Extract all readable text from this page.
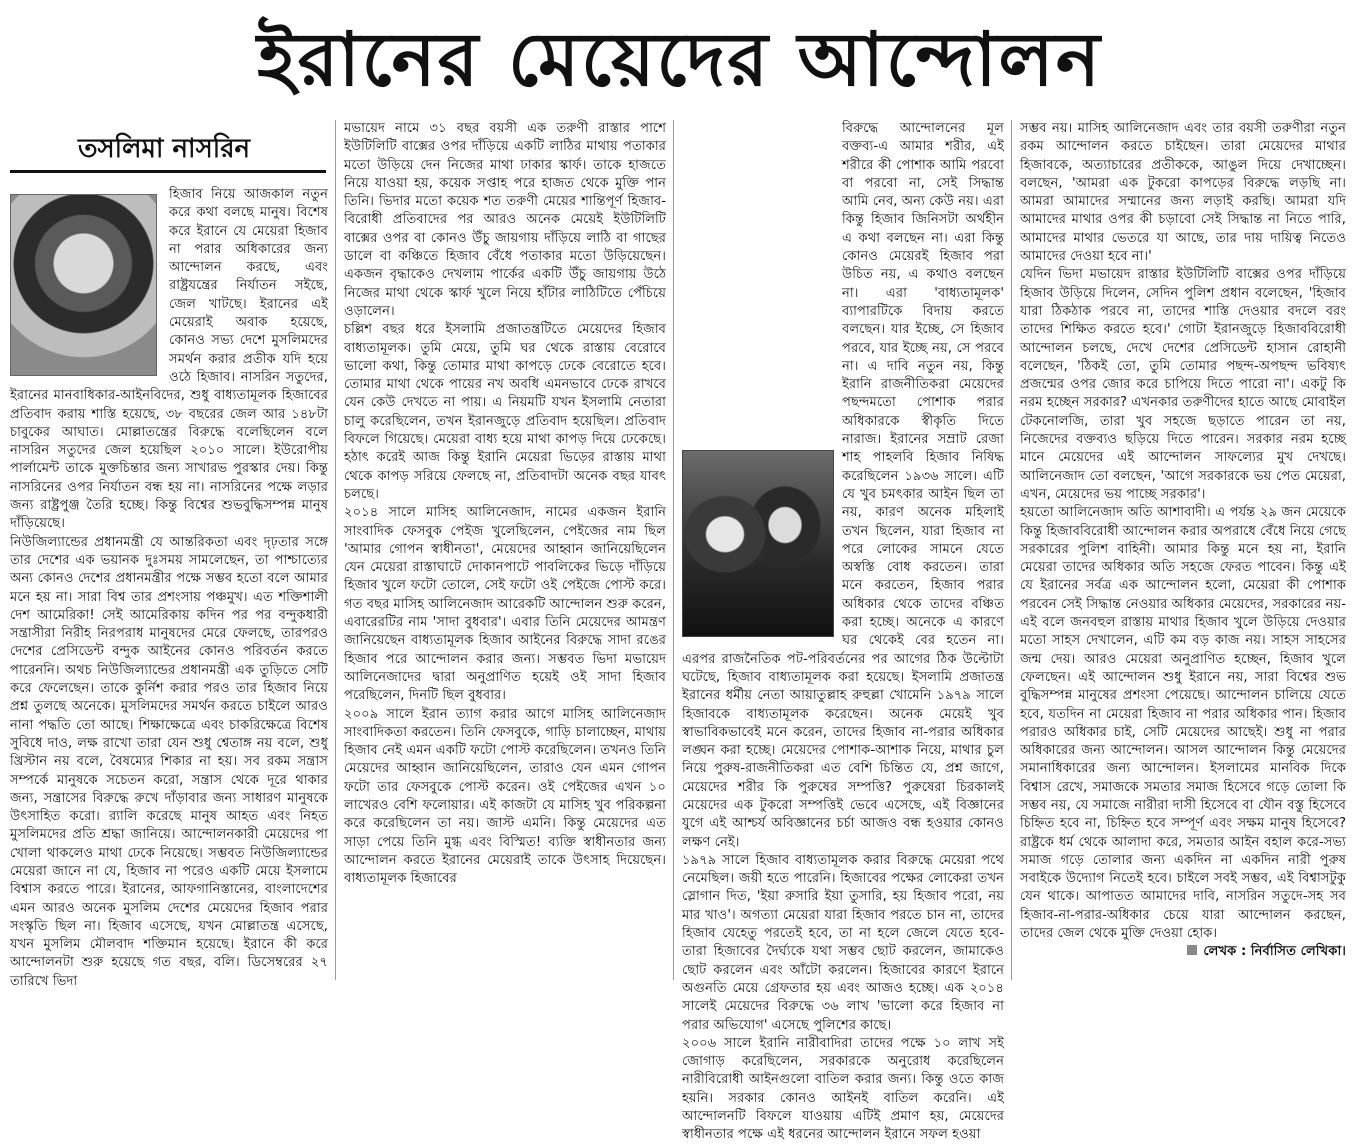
ইরানের মেয়েদের আন্দোলন
তসলিমা নাসরিন

হিজাব নিয়ে আজকাল নতুন করে কথা বলছে মানুষ। বিশেষ করে ইরানে যে মেয়েরা হিজাব না পরার অধিকারের জন্য আন্দোলন করছে, এবং রাষ্ট্রযন্ত্রের নির্যাতন সইছে, জেল খাটছে। ইরানের এই মেয়েরাই অবাক হয়েছে, কোনও সভ্য দেশে মুসলিমদের সমর্থন করার প্রতীক যদি হয়ে ওঠে হিজাব। নাসরিন সতুদের, ইরানের মানবাধিকার-আইনবিদের, শুধু বাধ্যতামূলক হিজাবের প্রতিবাদ করায় শাস্তি হয়েছে, ৩৮ বছরের জেল আর ১৪৮টা চাবুকের আঘাত। মোল্লাতন্ত্রের বিরুদ্ধে বলেছিলেন বলে নাসরিন সতুদের জেল হয়েছিল ২০১০ সালে। ইউরোপীয় পার্লামেন্ট তাকে মুক্তচিন্তার জন্য সাখারভ পুরস্কার দেয়। কিন্তু নাসরিনের ওপর নির্যাতন বন্ধ হয় না। নাসরিনের পক্ষে লড়ার জন্য রাষ্ট্রপুঞ্জ তৈরি হচ্ছে। কিন্তু বিশ্বের শুভবুদ্ধিসম্পন্ন মানুষ দাঁড়িয়েছে।

নিউজিল্যান্ডের প্রধানমন্ত্রী যে আন্তরিকতা এবং দৃঢ়তার সঙ্গে তার দেশের এক ভয়ানক দুঃসময় সামলেছেন, তা পাশ্চাত্যের অন্য কোনও দেশের প্রধানমন্ত্রীর পক্ষে সম্ভব হতো বলে আমার মনে হয় না। সারা বিশ্ব তার প্রশংসায় পঞ্চমুখ। এত শক্তিশালী দেশ আমেরিকা! সেই আমেরিকায় কদিন পর পর বন্দুকধারী সন্ত্রাসীরা নিরীহ নিরপরাধ মানুষদের মেরে ফেলছে, তারপরও দেশের প্রেসিডেন্ট বন্দুক আইনের কোনও পরিবর্তন করতে পারেননি। অথচ নিউজিল্যান্ডের প্রধানমন্ত্রী এক তুড়িতে সেটি করে ফেলেছেন। তাকে কুর্নিশ করার পরও তার হিজাব নিয়ে প্রশ্ন তুলছে অনেকে। মুসলিমদের সমর্থন করতে চাইলে আরও নানা পদ্ধতি তো আছে। শিক্ষাক্ষেত্রে এবং চাকরিক্ষেত্রে বিশেষ সুবিধে দাও, লক্ষ রাখো তারা যেন শুধু শ্বেতাঙ্গ নয় বলে, শুধু খ্রিস্টান নয় বলে, বৈষম্যের শিকার না হয়। সব রকম সন্ত্রাস সম্পর্কে মানুষকে সচেতন করো, সন্ত্রাস থেকে দূরে থাকার জন্য, সন্ত্রাসের বিরুদ্ধে রুখে দাঁড়াবার জন্য সাধারণ মানুষকে উৎসাহিত করো। র‍্যালি করেছে মানুষ আহত এবং নিহত মুসলিমদের প্রতি শ্রদ্ধা জানিয়ে। আন্দোলনকারী মেয়েদের পা খোলা থাকলেও মাথা ঢেকে নিয়েছে। সম্ভবত নিউজিল্যান্ডের মেয়েরা জানে না যে, হিজাব না পরেও একটি মেয়ে ইসলামে বিশ্বাস করতে পারে। ইরানের, আফগানিস্তানের, বাংলাদেশের এমন আরও অনেক মুসলিম দেশের মেয়েদের হিজাব পরার সংস্কৃতি ছিল না। হিজাব এসেছে, যখন মোল্লাতন্ত্র এসেছে, যখন মুসলিম মৌলবাদ শক্তিমান হয়েছে। ইরানে কী করে আন্দোলনটা শুরু হয়েছে গত বছর, বলি। ডিসেম্বরের ২৭ তারিখে ভিদা

মভায়েদ নামে ৩১ বছর বয়সী এক তরুণী রাস্তার পাশে ইউটিলিটি বাক্সের ওপর দাঁড়িয়ে একটি লাঠির মাথায় পতাকার মতো উড়িয়ে দেন নিজের মাথা ঢাকার স্কার্ফ। তাকে হাজতে নিয়ে যাওয়া হয়, কয়েক সপ্তাহ পরে হাজত থেকে মুক্তি পান তিনি। ভিদার মতো কয়েক শত তরুণী মেয়ের শান্তিপূর্ণ হিজাব-বিরোধী প্রতিবাদের পর আরও অনেক মেয়েই ইউটিলিটি বাক্সের ওপর বা কোনও উঁচু জায়গায় দাঁড়িয়ে লাঠি বা গাছের ডালে বা কঞ্চিতে হিজাব বেঁধে পতাকার মতো উড়িয়েছেন। একজন বৃদ্ধাকেও দেখলাম পার্কের একটি উঁচু জায়গায় উঠে নিজের মাথা থেকে স্কার্ফ খুলে নিয়ে হাঁটার লাঠিটিতে পেঁচিয়ে ওড়ালেন।

চল্লিশ বছর ধরে ইসলামি প্রজাতন্ত্রটিতে মেয়েদের হিজাব বাধ্যতামূলক। তুমি মেয়ে, তুমি ঘর থেকে রাস্তায় বেরোবে ভালো কথা, কিন্তু তোমার মাথা কাপড়ে ঢেকে বেরোতে হবে। তোমার মাথা থেকে পায়ের নখ অবধি এমনভাবে ঢেকে রাখবে যেন কেউ দেখতে না পায়। এ নিয়মটি যখন ইসলামি নেতারা চালু করেছিলেন, তখন ইরানজুড়ে প্রতিবাদ হয়েছিল। প্রতিবাদ বিফলে গিয়েছে। মেয়েরা বাধ্য হয়ে মাথা কাপড় দিয়ে ঢেকেছে। হঠাৎ করেই আজ কিন্তু ইরানি মেয়েরা ভিড়ের রাস্তায় মাথা থেকে কাপড় সরিয়ে ফেলছে না, প্রতিবাদটা অনেক বছর যাবৎ চলছে।

২০১৪ সালে মাসিহ আলিনেজাদ, নামের একজন ইরানি সাংবাদিক ফেসবুক পেইজ খুলেছিলেন, পেইজের নাম ছিল 'আমার গোপন স্বাধীনতা', মেয়েদের আহ্বান জানিয়েছিলেন যেন মেয়েরা রাস্তাঘাটে দোকানপাটে পাবলিকের ভিড়ে দাঁড়িয়ে হিজাব খুলে ফটো তোলে, সেই ফটো ওই পেইজে পোস্ট করে। গত বছর মাসিহ আলিনেজাদ আরেকটি আন্দোলন শুরু করেন, এবারেরটির নাম 'সাদা বুধবার'। এবার তিনি মেয়েদের আমন্ত্রণ জানিয়েছেন বাধ্যতামূলক হিজাব আইনের বিরুদ্ধে সাদা রঙের হিজাব পরে আন্দোলন করার জন্য। সম্ভবত ভিদা মভায়েদ আলিনেজাদের দ্বারা অনুপ্রাণিত হয়েই ওই সাদা হিজাব পরেছিলেন, দিনটি ছিল বুধবার।

২০০৯ সালে ইরান ত্যাগ করার আগে মাসিহ আলিনেজাদ সাংবাদিকতা করতেন। তিনি ফেসবুকে, গাড়ি চালাচ্ছেন, মাথায় হিজাব নেই এমন একটি ফটো পোস্ট করেছিলেন। তখনও তিনি মেয়েদের আহ্বান জানিয়েছিলেন, তারাও যেন এমন গোপন ফটো তার ফেসবুকে পোস্ট করেন। ওই পেইজের এখন ১০ লাখেরও বেশি ফলোয়ার। এই কাজটা যে মাসিহ খুব পরিকল্পনা করে করেছিলেন তা নয়। জাস্ট এমনি। কিন্তু মেয়েদের এত সাড়া পেয়ে তিনি মুগ্ধ এবং বিস্মিত! ব্যক্তি স্বাধীনতার জন্য আন্দোলন করতে ইরানের মেয়েরাই তাকে উৎসাহ দিয়েছেন। বাধ্যতামূলক হিজাবের

বিরুদ্ধে আন্দোলনের মূল বক্তব্য-এ আমার শরীর, এই শরীরে কী পোশাক আমি পরবো বা পরবো না, সেই সিদ্ধান্ত আমি নেব, অন্য কেউ নয়। এরা কিন্তু হিজাব জিনিসটা অর্থহীন এ কথা বলছেন না। এরা কিন্তু কোনও মেয়েরই হিজাব পরা উচিত নয়, এ কথাও বলছেন না। এরা 'বাধ্যতামূলক' ব্যাপারটিকে বিদায় করতে বলছেন। যার ইচ্ছে, সে হিজাব পরবে, যার ইচ্ছে নয়, সে পরবে না। এ দাবি নতুন নয়, কিন্তু ইরানি রাজনীতিকরা মেয়েদের পছন্দমতো পোশাক পরার অধিকারকে স্বীকৃতি দিতে নারাজ। ইরানের সম্রাট রেজা শাহ পাহলবি হিজাব নিষিদ্ধ করেছিলেন ১৯৩৬ সালে। এটি যে খুব চমৎকার আইন ছিল তা নয়, কারণ অনেক মহিলাই তখন ছিলেন, যারা হিজাব না পরে লোকের সামনে যেতে অস্বস্তি বোধ করতেন। তারা মনে করতেন, হিজাব পরার অধিকার থেকে তাদের বঞ্চিত করা হচ্ছে। অনেকে এ কারণে ঘর থেকেই বের হতেন না। এরপর রাজনৈতিক পট-পরিবর্তনের পর আগের ঠিক উল্টোটা ঘটেছে, হিজাব বাধ্যতামূলক করা হয়েছে। ইসলামি প্রজাতন্ত্র ইরানের ধর্মীয় নেতা আয়াতুল্লাহ রুহুল্লা খোমেনি ১৯৭৯ সালে হিজাবকে বাধ্যতামূলক করেছেন। অনেক মেয়েই খুব স্বাভাবিকভাবেই মনে করেন, তাদের হিজাব না-পরার অধিকার লঙ্ঘন করা হচ্ছে। মেয়েদের পোশাক-আশাক নিয়ে, মাথার চুল নিয়ে পুরুষ-রাজনীতিকরা এত বেশি চিন্তিত যে, প্রশ্ন জাগে, মেয়েদের শরীর কি পুরুষের সম্পত্তি? পুরুষেরা চিরকালই মেয়েদের এক টুকরো সম্পত্তিই ভেবে এসেছে, এই বিজ্ঞানের যুগে এই আশ্চর্য অবিজ্ঞানের চর্চা আজও বন্ধ হওয়ার কোনও লক্ষণ নেই।

১৯৭৯ সালে হিজাব বাধ্যতামূলক করার বিরুদ্ধে মেয়েরা পথে নেমেছিল। জয়ী হতে পারেনি। হিজাবের পক্ষের লোকেরা তখন স্লোগান দিত, 'ইয়া রুসারি ইয়া তুসারি, হয় হিজাব পরো, নয় মার খাও'। অগত্যা মেয়েরা যারা হিজাব পরতে চান না, তাদের হিজাব যেহেতু পরতেই হবে, তা না হলে জেলে যেতে হবে-তারা হিজাবের দৈর্ঘ্যকে যথা সম্ভব ছোট করলেন, জামাকেও ছোট করলেন এবং আঁটো করলেন। হিজাবের কারণে ইরানে অগুনতি মেয়ে গ্রেফতার হয় এবং আজও হচ্ছে। এক ২০১৪ সালেই মেয়েদের বিরুদ্ধে ৩৬ লাখ 'ভালো করে হিজাব না পরার অভিযোগ' এসেছে পুলিশের কাছে।

২০০৬ সালে ইরানি নারীবাদিরা তাদের পক্ষে ১০ লাখ সই জোগাড় করেছিলেন, সরকারকে অনুরোধ করেছিলেন নারীবিরোধী আইনগুলো বাতিল করার জন্য। কিন্তু ওতে কাজ হয়নি। সরকার কোনও আইনই বাতিল করেনি। এই আন্দোলনটি বিফলে যাওয়ায় এটিই প্রমাণ হয়, মেয়েদের স্বাধীনতার পক্ষে এই ধরনের আন্দোলন ইরানে সফল হওয়া

সম্ভব নয়। মাসিহ আলিনেজাদ এবং তার বয়সী তরুণীরা নতুন রকম আন্দোলন করতে চাইছেন। তারা মেয়েদের মাথার হিজাবকে, অত্যাচারের প্রতীককে, আঙুল দিয়ে দেখাচ্ছেন। বলছেন, 'আমরা এক টুকরো কাপড়ের বিরুদ্ধে লড়ছি না। আমরা আমাদের সম্মানের জন্য লড়াই করছি। আমরা যদি আমাদের মাথার ওপর কী চড়াবো সেই সিদ্ধান্ত না নিতে পারি, আমাদের মাথার ভেতরে যা আছে, তার দায় দায়িত্ব নিতেও আমাদের দেওয়া হবে না।'

যেদিন ভিদা মভায়েদ রাস্তার ইউটিলিটি বাক্সের ওপর দাঁড়িয়ে হিজাব উড়িয়ে দিলেন, সেদিন পুলিশ প্রধান বলেছেন, 'হিজাব যারা ঠিকঠাক পরবে না, তাদের শাস্তি দেওয়ার বদলে বরং তাদের শিক্ষিত করতে হবে।' গোটা ইরানজুড়ে হিজাববিরোধী আন্দোলন চলছে, দেখে দেশের প্রেসিডেন্ট হাসান রোহানী বলেছেন, 'ঠিকই তো, তুমি তোমার পছন্দ-অপছন্দ ভবিষ্যৎ প্রজন্মের ওপর জোর করে চাপিয়ে দিতে পারো না'। একটু কি নরম হচ্ছেন সরকার? এখনকার তরুণীদের হাতে আছে মোবাইল টেকনোলজি, তারা খুব সহজে ছড়াতে পারেন তা নয়, নিজেদের বক্তব্যও ছড়িয়ে দিতে পারেন। সরকার নরম হচ্ছে মানে মেয়েদের এই আন্দোলন সাফল্যের মুখ দেখছে। আলিনেজাদ তো বলছেন, 'আগে সরকারকে ভয় পেত মেয়েরা, এখন, মেয়েদের ভয় পাচ্ছে সরকার'।

হয়তো আলিনেজাদ অতি আশাবাদী। এ পর্যন্ত ২৯ জন মেয়েকে কিন্তু হিজাববিরোধী আন্দোলন করার অপরাধে বেঁধে নিয়ে গেছে সরকারের পুলিশ বাহিনী। আমার কিন্তু মনে হয় না, ইরানি মেয়েরা তাদের অধিকার অতি সহজে ফেরত পাবেন। কিন্তু এই যে ইরানের সর্বত্র এক আন্দোলন হলো, মেয়েরা কী পোশাক পরবেন সেই সিদ্ধান্ত নেওয়ার অধিকার মেয়েদের, সরকারের নয়-এই বলে জনবহুল রাস্তায় মাথার হিজাব খুলে উড়িয়ে দেওয়ার মতো সাহস দেখালেন, এটি কম বড় কাজ নয়। সাহস সাহসের জন্ম দেয়। আরও মেয়েরা অনুপ্রাণিত হচ্ছেন, হিজাব খুলে ফেলছেন। এই আন্দোলন শুধু ইরানে নয়, সারা বিশ্বের শুভ বুদ্ধিসম্পন্ন মানুষের প্রশংসা পেয়েছে। আন্দোলন চালিয়ে যেতে হবে, যতদিন না মেয়েরা হিজাব না পরার অধিকার পান। হিজাব পরারও অধিকার চাই, সেটি মেয়েদের আছেই। শুধু না পরার অধিকারের জন্য আন্দোলন। আসল আন্দোলন কিন্তু মেয়েদের সমানাধিকারের জন্য আন্দোলন। ইসলামের মানবিক দিকে বিশ্বাস রেখে, সমাজকে সমতার সমাজ হিসেবে গড়ে তোলা কি সম্ভব নয়, যে সমাজে নারীরা দাসী হিসেবে বা যৌন বস্তু হিসেবে চিহ্নিত হবে না, চিহ্নিত হবে সম্পূর্ণ এবং সক্ষম মানুষ হিসেবে? রাষ্ট্রকে ধর্ম থেকে আলাদা করে, সমতার আইন বহাল করে-সভ্য সমাজ গড়ে তোলার জন্য একদিন না একদিন নারী পুরুষ সবাইকে উদ্যোগ নিতেই হবে। চাইলে সবই সম্ভব, এই বিশ্বাসটুকু যেন থাকে। আপাতত আমাদের দাবি, নাসরিন সতুদে-সহ সব হিজাব-না-পরার-অধিকার চেয়ে যারা আন্দোলন করছেন, তাদের জেল থেকে মুক্তি দেওয়া হোক।

লেখক : নির্বাসিত লেখিকা।
